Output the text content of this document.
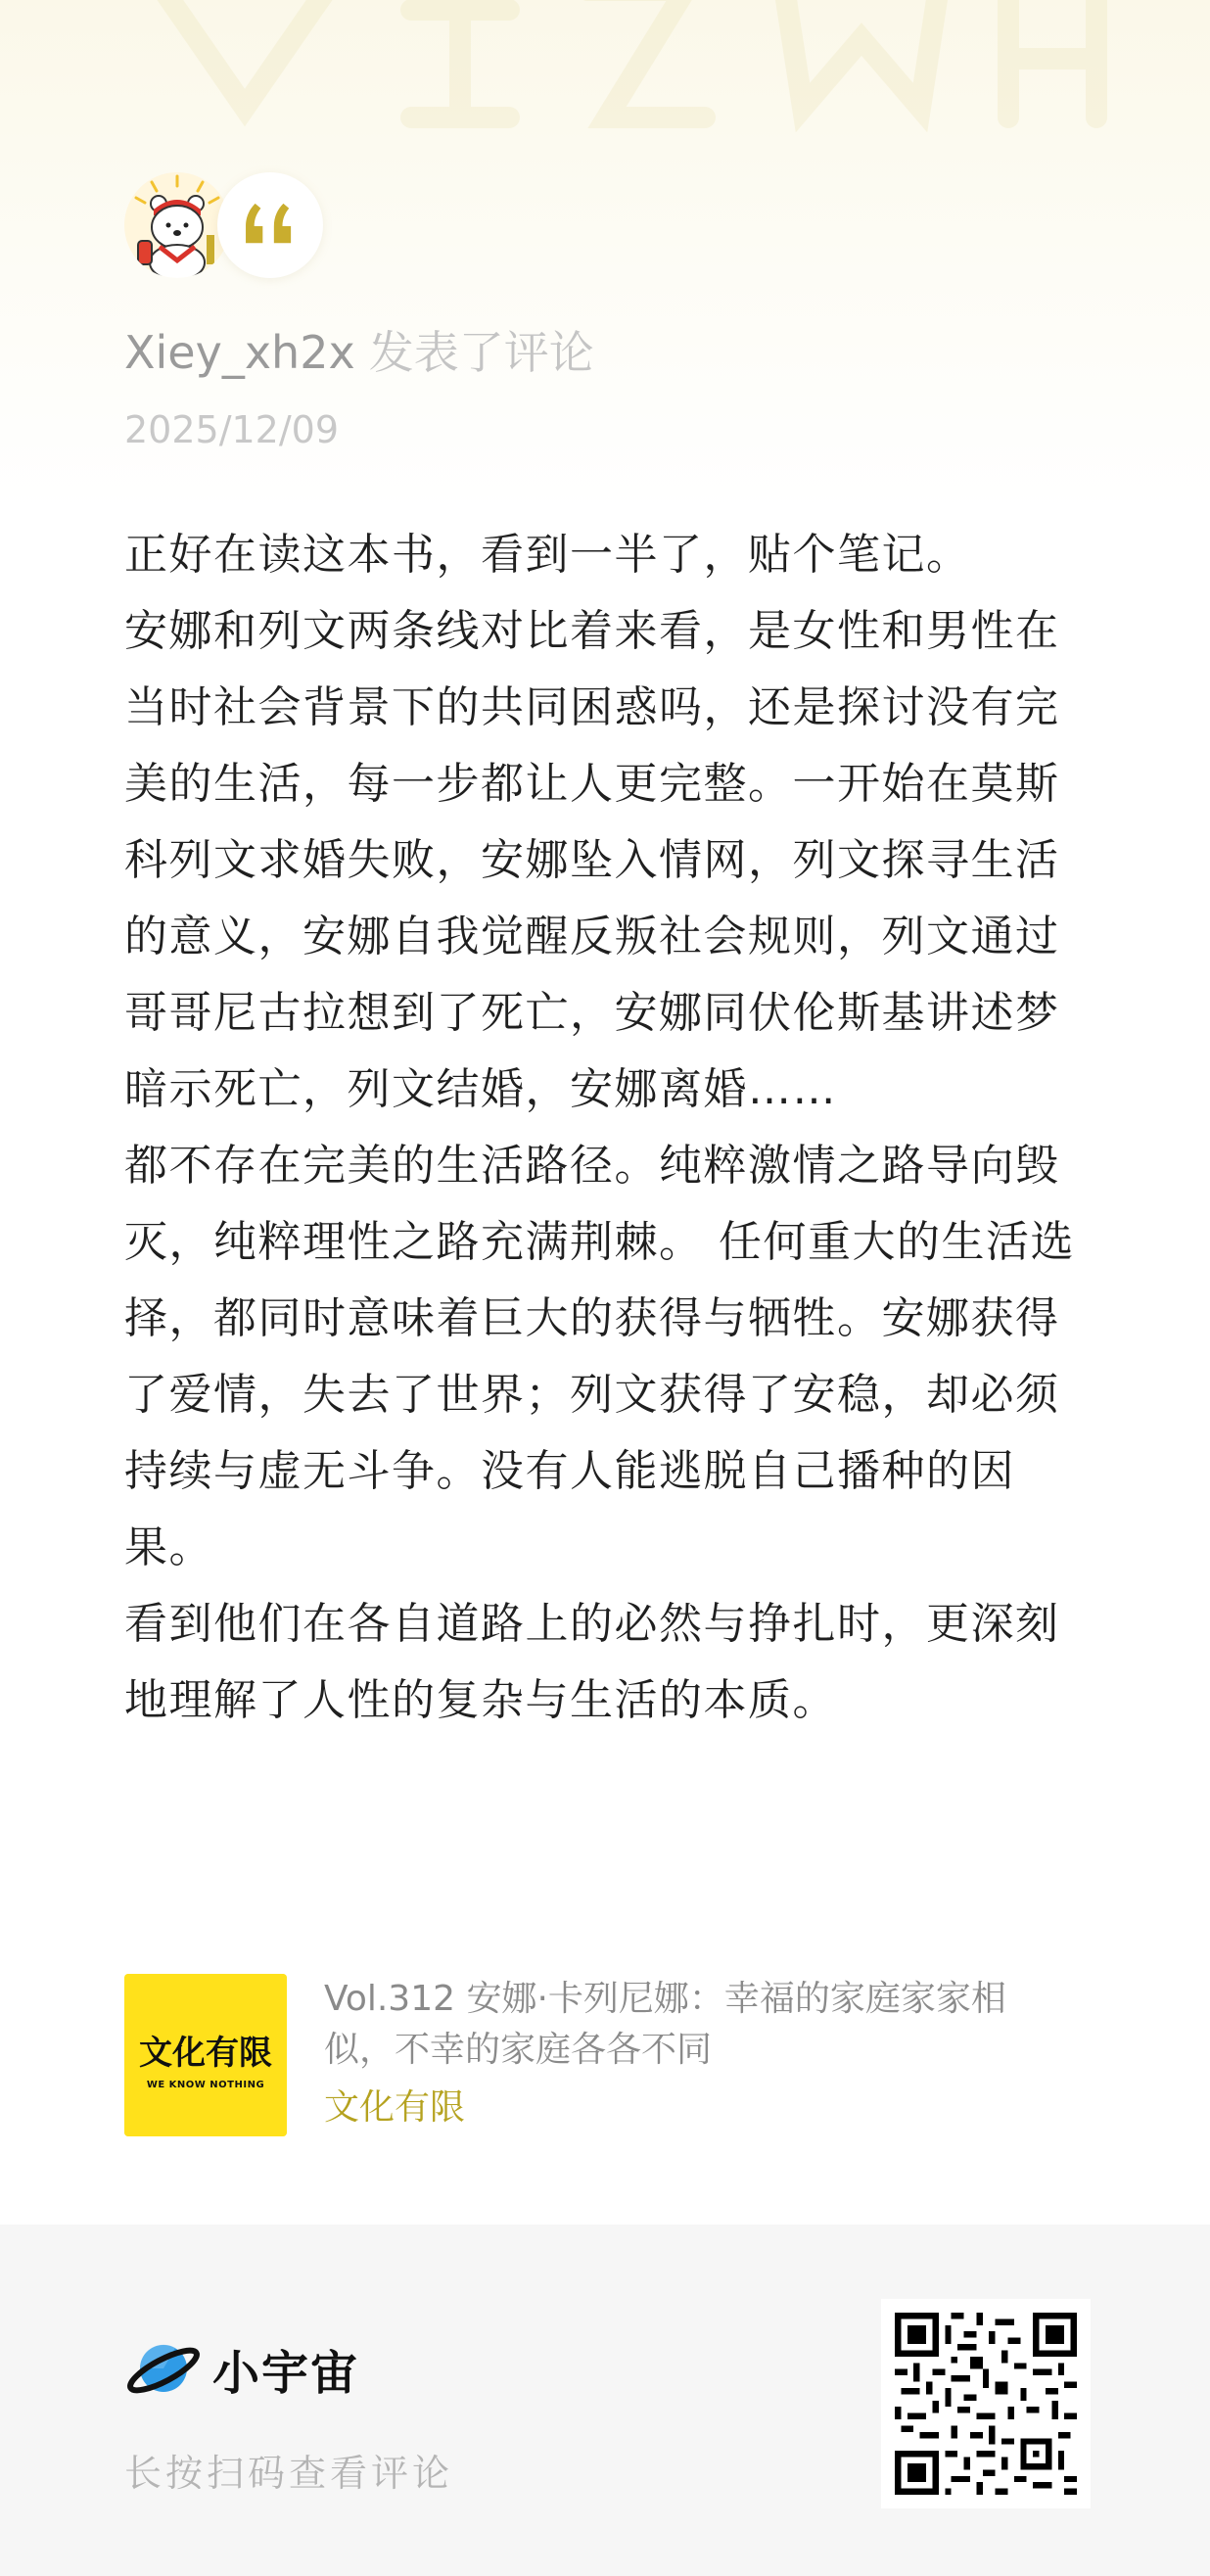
Xiey_xh2x 发表了评论
2025/12/09

正好在读这本书，看到一半了，贴个笔记。

安娜和列文两条线对比着来看，是女性和男性在当时社会背景下的共同困惑吗，还是探讨没有完美的生活，每一步都让人更完整。一开始在莫斯科列文求婚失败，安娜坠入情网，列文探寻生活的意义，安娜自我觉醒反叛社会规则，列文通过哥哥尼古拉想到了死亡，安娜同伏伦斯基讲述梦暗示死亡，列文结婚，安娜离婚……

都不存在完美的生活路径。纯粹激情之路导向毁灭，纯粹理性之路充满荆棘。 任何重大的生活选择，都同时意味着巨大的获得与牺牲。安娜获得了爱情，失去了世界；列文获得了安稳，却必须持续与虚无斗争。没有人能逃脱自己播种的因果。

看到他们在各自道路上的必然与挣扎时，更深刻地理解了人性的复杂与生活的本质。

文化有限
WE KNOW NOTHING
Vol.312 安娜·卡列尼娜：幸福的家庭家家相似，不幸的家庭各各不同
文化有限
小宇宙
长按扫码查看评论
